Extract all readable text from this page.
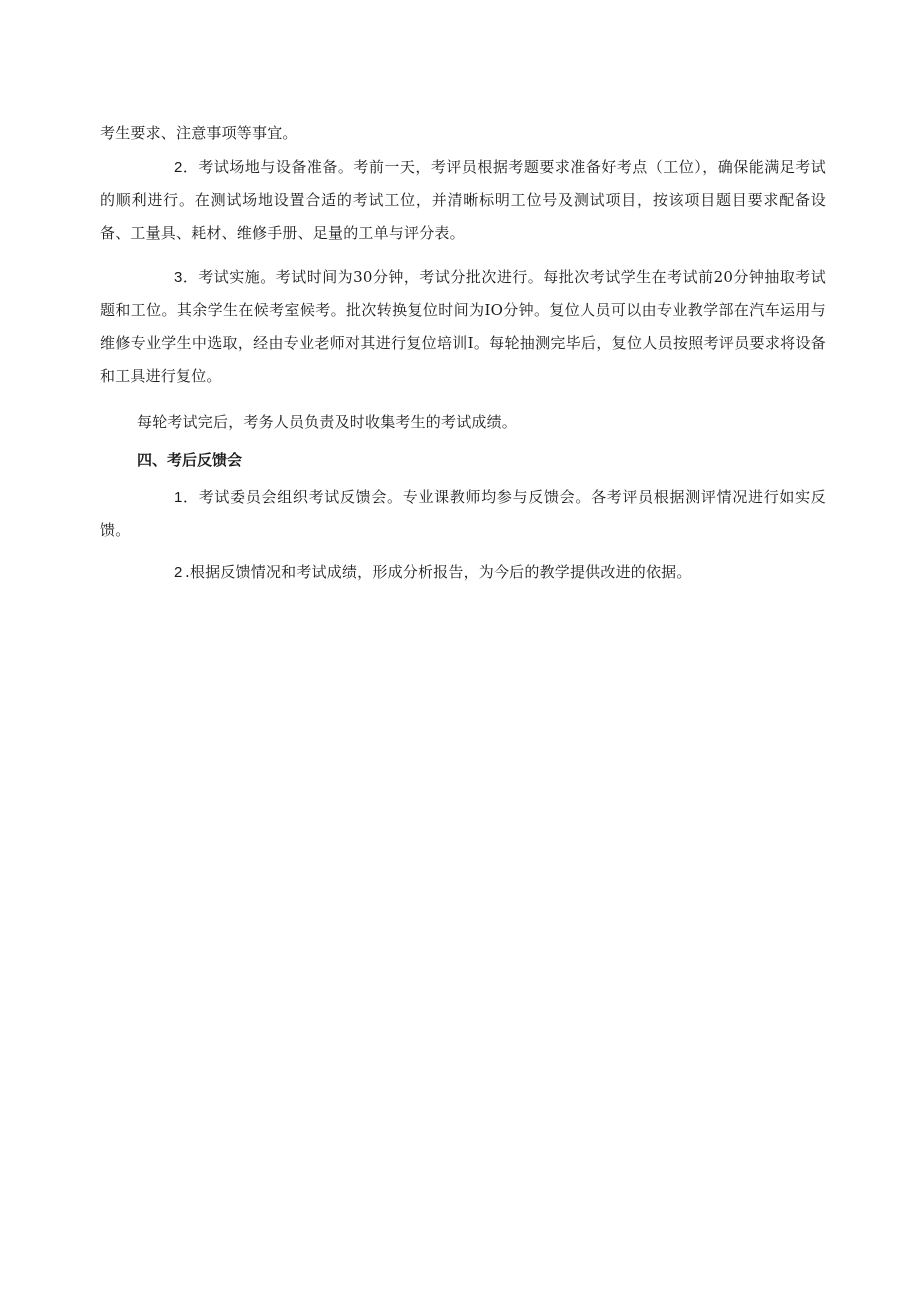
考生要求、注意事项等事宜。

2．考试场地与设备准备。考前一天，考评员根据考题要求准备好考点（工位），确保能满足考试的顺利进行。在测试场地设置合适的考试工位，并清晰标明工位号及测试项目，按该项目题目要求配备设备、工量具、耗材、维修手册、足量的工单与评分表。

3．考试实施。考试时间为30分钟，考试分批次进行。每批次考试学生在考试前20分钟抽取考试题和工位。其余学生在候考室候考。批次转换复位时间为IO分钟。复位人员可以由专业教学部在汽车运用与维修专业学生中选取，经由专业老师对其进行复位培训I。每轮抽测完毕后，复位人员按照考评员要求将设备和工具进行复位。

每轮考试完后，考务人员负责及时收集考生的考试成绩。

四、考后反馈会

1．考试委员会组织考试反馈会。专业课教师均参与反馈会。各考评员根据测评情况进行如实反馈。

2 .根据反馈情况和考试成绩，形成分析报告，为今后的教学提供改进的依据。
